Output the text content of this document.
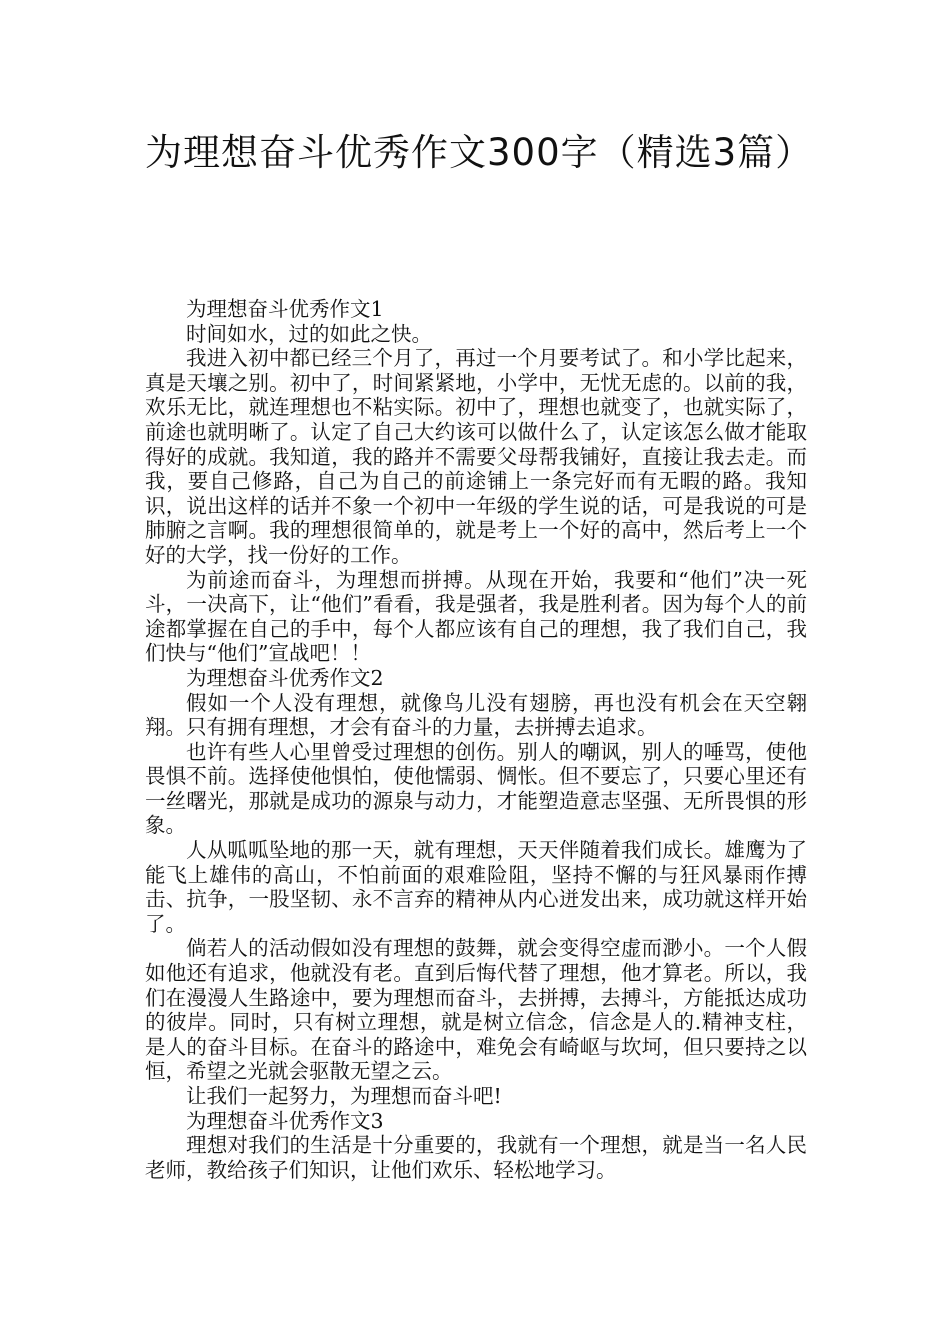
为理想奋斗优秀作文300字（精选3篇）

为理想奋斗优秀作文1

时间如水，过的如此之快。

我进入初中都已经三个月了，再过一个月要考试了。和小学比起来，真是天壤之别。初中了，时间紧紧地，小学中，无忧无虑的。以前的我，欢乐无比，就连理想也不粘实际。初中了，理想也就变了，也就实际了，前途也就明晰了。认定了自己大约该可以做什么了，认定该怎么做才能取得好的成就。我知道，我的路并不需要父母帮我铺好，直接让我去走。而我，要自己修路，自己为自己的前途铺上一条完好而有无暇的路。我知识，说出这样的话并不象一个初中一年级的学生说的话，可是我说的可是肺腑之言啊。我的理想很简单的，就是考上一个好的高中，然后考上一个好的大学，找一份好的工作。

为前途而奋斗，为理想而拼搏。从现在开始，我要和“他们”决一死斗，一决高下，让“他们”看看，我是强者，我是胜利者。因为每个人的前途都掌握在自己的手中，每个人都应该有自己的理想，我了我们自己，我们快与“他们”宣战吧！！

为理想奋斗优秀作文2

假如一个人没有理想，就像鸟儿没有翅膀，再也没有机会在天空翱翔。只有拥有理想，才会有奋斗的力量，去拼搏去追求。

也许有些人心里曾受过理想的创伤。别人的嘲讽，别人的唾骂，使他畏惧不前。选择使他惧怕，使他懦弱、惆怅。但不要忘了，只要心里还有一丝曙光，那就是成功的源泉与动力，才能塑造意志坚强、无所畏惧的形象。

人从呱呱坠地的那一天，就有理想，天天伴随着我们成长。雄鹰为了能飞上雄伟的高山，不怕前面的艰难险阻，坚持不懈的与狂风暴雨作搏击、抗争，一股坚韧、永不言弃的精神从内心迸发出来，成功就这样开始了。

倘若人的活动假如没有理想的鼓舞，就会变得空虚而渺小。一个人假如他还有追求，他就没有老。直到后悔代替了理想，他才算老。所以，我们在漫漫人生路途中，要为理想而奋斗，去拼搏，去搏斗，方能抵达成功的彼岸。同时，只有树立理想，就是树立信念，信念是人的.精神支柱，是人的奋斗目标。在奋斗的路途中，难免会有崎岖与坎坷，但只要持之以恒，希望之光就会驱散无望之云。

让我们一起努力，为理想而奋斗吧!

为理想奋斗优秀作文3

理想对我们的生活是十分重要的，我就有一个理想，就是当一名人民老师，教给孩子们知识，让他们欢乐、轻松地学习。
